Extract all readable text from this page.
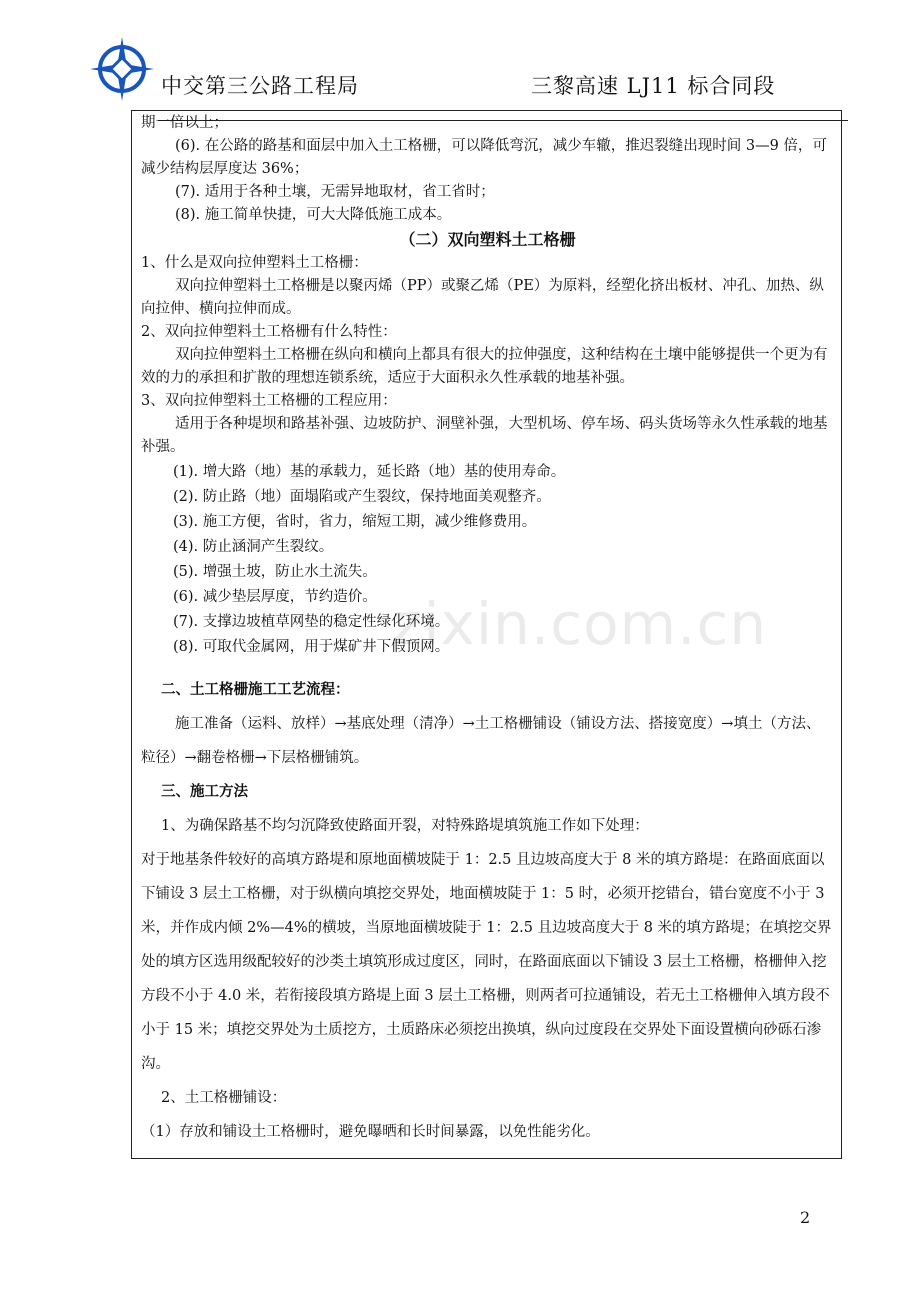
中交第三公路工程局	三黎高速 LJ11 标合同段

期一倍以上；

(6). 在公路的路基和面层中加入土工格栅，可以降低弯沉，减少车辙，推迟裂缝出现时间 3—9 倍，可减少结构层厚度达 36%；

(7). 适用于各种土壤，无需异地取材，省工省时；

(8). 施工简单快捷，可大大降低施工成本。

（二）双向塑料土工格栅

1、什么是双向拉伸塑料土工格栅：

双向拉伸塑料土工格栅是以聚丙烯（PP）或聚乙烯（PE）为原料，经塑化挤出板材、冲孔、加热、纵向拉伸、横向拉伸而成。

2、双向拉伸塑料土工格栅有什么特性：

双向拉伸塑料土工格栅在纵向和横向上都具有很大的拉伸强度，这种结构在土壤中能够提供一个更为有效的力的承担和扩散的理想连锁系统，适应于大面积永久性承载的地基补强。

3、双向拉伸塑料土工格栅的工程应用：

适用于各种堤坝和路基补强、边坡防护、洞壁补强，大型机场、停车场、码头货场等永久性承载的地基补强。

(1). 增大路（地）基的承载力，延长路（地）基的使用寿命。

(2). 防止路（地）面塌陷或产生裂纹，保持地面美观整齐。

(3). 施工方便，省时，省力，缩短工期，减少维修费用。

(4). 防止涵洞产生裂纹。

(5). 增强土坡，防止水土流失。

(6). 减少垫层厚度，节约造价。

(7). 支撑边坡植草网垫的稳定性绿化环境。

(8). 可取代金属网，用于煤矿井下假顶网。

二、土工格栅施工工艺流程：

施工准备（运料、放样）→基底处理（清净）→土工格栅铺设（铺设方法、搭接宽度）→填土（方法、粒径）→翻卷格栅→下层格栅铺筑。

三、施工方法

1、为确保路基不均匀沉降致使路面开裂，对特殊路堤填筑施工作如下处理：

对于地基条件较好的高填方路堤和原地面横坡陡于 1：2.5 且边坡高度大于 8 米的填方路堤：在路面底面以下铺设 3 层土工格栅，对于纵横向填挖交界处，地面横坡陡于 1：5 时，必须开挖错台，错台宽度不小于 3 米，并作成内倾 2%—4%的横坡，当原地面横坡陡于 1：2.5 且边坡高度大于 8 米的填方路堤；在填挖交界处的填方区选用级配较好的沙类土填筑形成过度区，同时，在路面底面以下铺设 3 层土工格栅，格栅伸入挖方段不小于 4.0 米，若衔接段填方路堤上面 3 层土工格栅，则两者可拉通铺设，若无土工格栅伸入填方段不小于 15 米；填挖交界处为土质挖方，土质路床必须挖出换填，纵向过度段在交界处下面设置横向砂砾石渗沟。

2、土工格栅铺设：

（1）存放和铺设土工格栅时，避免曝晒和长时间暴露，以免性能劣化。

zixin.com.cn
2
